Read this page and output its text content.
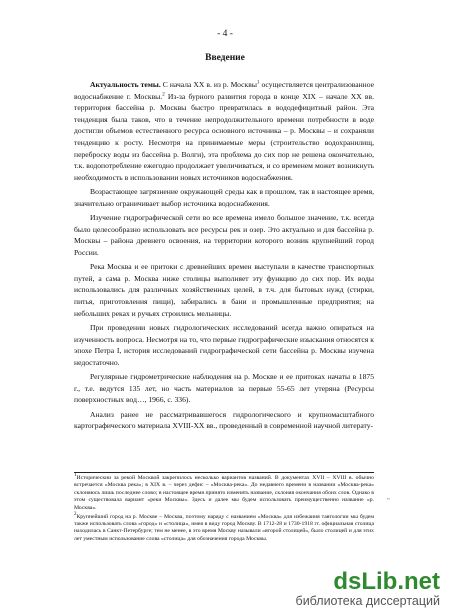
- 4 -
Введение

Актуальность темы. С начала XX в. из р. Москвы$^1$ осуществляется централизованное водоснабжение г. Москвы.$^2$ Из-за бурного развития города в конце XIX – начале XX вв. территория бассейна р. Москвы быстро превратилась в вододефицитный район. Эта тенденция была таков, что в течение непродолжительного времени потребности в воде достигли объемов естественного ресурса основного источника – р. Москвы – и сохраняли тенденцию к росту. Несмотря на принимаемые меры (строительство водохранилищ, переброску воды из бассейна р. Волги), эта проблема до сих пор не решена окончательно, т.к. водопотребление ежегодно продолжает увеличиваться, и со временем может возникнуть необходимость в использовании новых источников водоснабжения.

Возрастающее загрязнение окружающей среды как в прошлом, так в настоящее время, значительно ограничивает выбор источника водоснабжения.

Изучение гидрографической сети во все времена имело большое значение, т.к. всегда было целесообразно использовать все ресурсы рек и озер. Это актуально и для бассейна р. Москвы – района древнего освоения, на территории которого возник крупнейший город России.

Река Москва и ее притоки с древнейших времен выступали в качестве транспортных путей, а сама р. Москва ниже столицы выполняет эту функцию до сих пор. Их воды использовались для различных хозяйственных целей, в т.ч. для бытовых нужд (стирки, питья, приготовления пищи), забирались в бани и промышленные предприятия; на небольших реках и ручьях строились мельницы.

При проведении новых гидрологических исследований всегда важно опираться на изученность вопроса. Несмотря на то, что первые гидрографические изыскания относятся к эпохе Петра I, история исследований гидрографической сети бассейна р. Москвы изучена недостаточно.

Регулярные гидрометрические наблюдения на р. Москве и ее притоках начаты в 1875 г., т.е. ведутся 135 лет, но часть материалов за первые 55-65 лет утеряна (Ресурсы поверхностных вод…, 1966, с. 336).

Анализ ранее не рассматривавшегося гидрологического и крупномасштабного картографического материала XVIII-XX вв., проведенный в современной научной литерату-

$^1$Историческии за рекой Москвой закрепилось несколько вариантов названий. В документах XVII – XVIII в. обычно встречается «Москва река»; в XIX в. – через дефис – «Москва-река». До недавнего времени в названии «Москва-река» склоняюсь лишь последнее слово; в настоящее время принято изменять название, склоняя окончания обоих слов. Однако в этом существовала вариант «реки Москвы». Здесь и далее мы будем использовать преимущественно название «р. Москва».

$^2$Крупнейший город на р. Москве – Москва, поэтому наряду с названием «Москва» для избежания тавтологии мы будем также использовать слова «город» и «столица», имея в виду город Москву. В 1712-28 и 1730-1918 гг. официальная столица находилась в Санкт-Петербурге; тем не менее, в это время Москву называли «второй столицей», было столицей и для этих лет уместным использование слова «столица» для обозначения города Москвы.

"
dsLib.net
библиотека диссертаций
